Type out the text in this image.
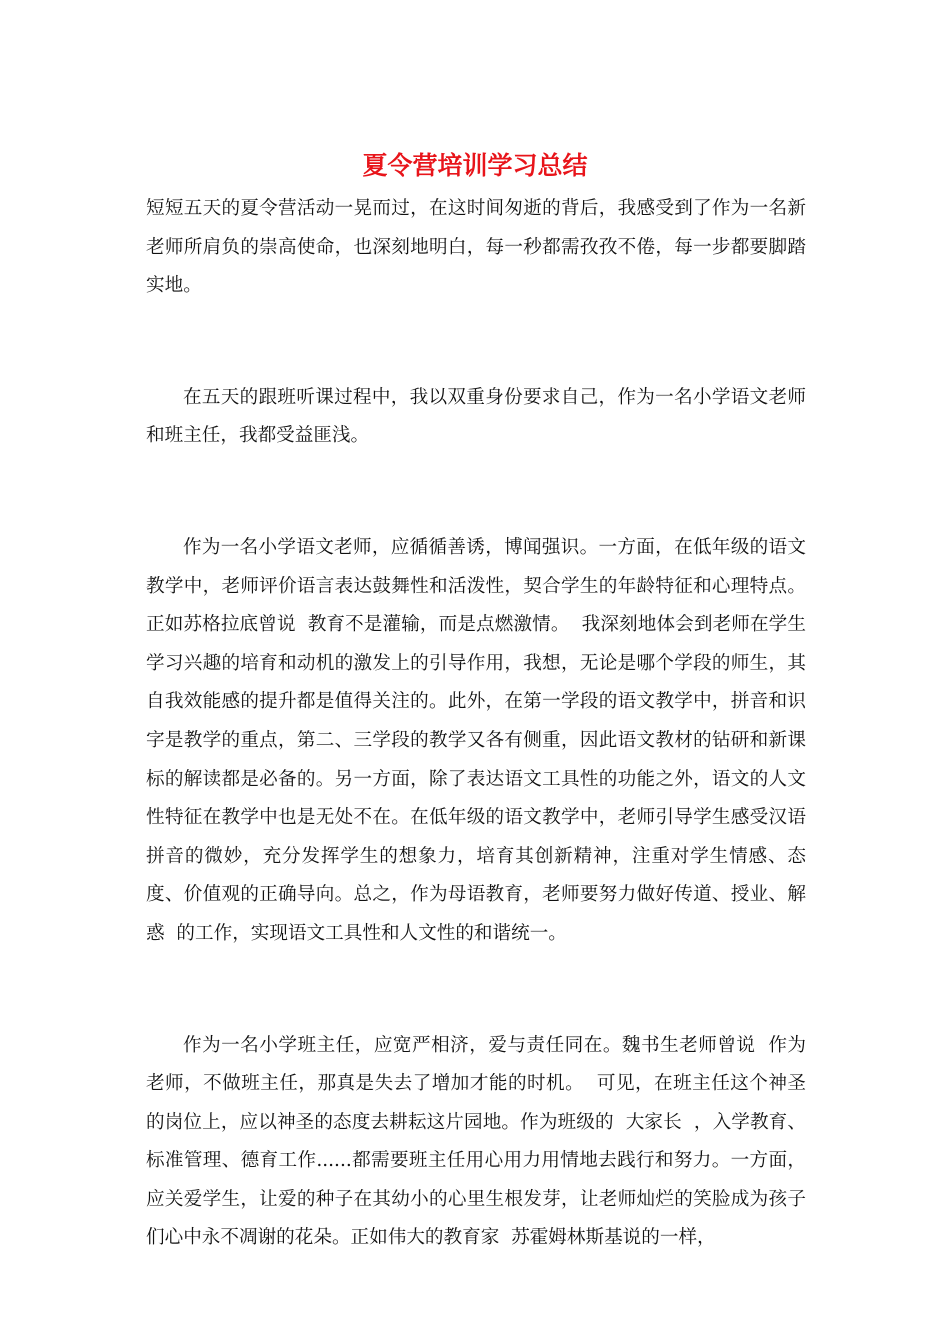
夏令营培训学习总结

短短五天的夏令营活动一晃而过，在这时间匆逝的背后，我感受到了作为一名新老师所肩负的崇高使命，也深刻地明白，每一秒都需孜孜不倦，每一步都要脚踏实地。

在五天的跟班听课过程中，我以双重身份要求自己，作为一名小学语文老师和班主任，我都受益匪浅。

作为一名小学语文老师，应循循善诱，博闻强识。一方面，在低年级的语文教学中，老师评价语言表达鼓舞性和活泼性，契合学生的年龄特征和心理特点。正如苏格拉底曾说  教育不是灌输，而是点燃激情。  我深刻地体会到老师在学生学习兴趣的培育和动机的激发上的引导作用，我想，无论是哪个学段的师生，其自我效能感的提升都是值得关注的。此外，在第一学段的语文教学中，拼音和识字是教学的重点，第二、三学段的教学又各有侧重，因此语文教材的钻研和新课标的解读都是必备的。另一方面，除了表达语文工具性的功能之外，语文的人文性特征在教学中也是无处不在。在低年级的语文教学中，老师引导学生感受汉语拼音的微妙，充分发挥学生的想象力，培育其创新精神，注重对学生情感、态度、价值观的正确导向。总之，作为母语教育，老师要努力做好传道、授业、解惑  的工作，实现语文工具性和人文性的和谐统一。

作为一名小学班主任，应宽严相济，爱与责任同在。魏书生老师曾说  作为老师，不做班主任，那真是失去了增加才能的时机。  可见，在班主任这个神圣的岗位上，应以神圣的态度去耕耘这片园地。作为班级的  大家长  ，入学教育、标准管理、德育工作......都需要班主任用心用力用情地去践行和努力。一方面，应关爱学生，让爱的种子在其幼小的心里生根发芽，让老师灿烂的笑脸成为孩子们心中永不凋谢的花朵。正如伟大的教育家  苏霍姆林斯基说的一样，
